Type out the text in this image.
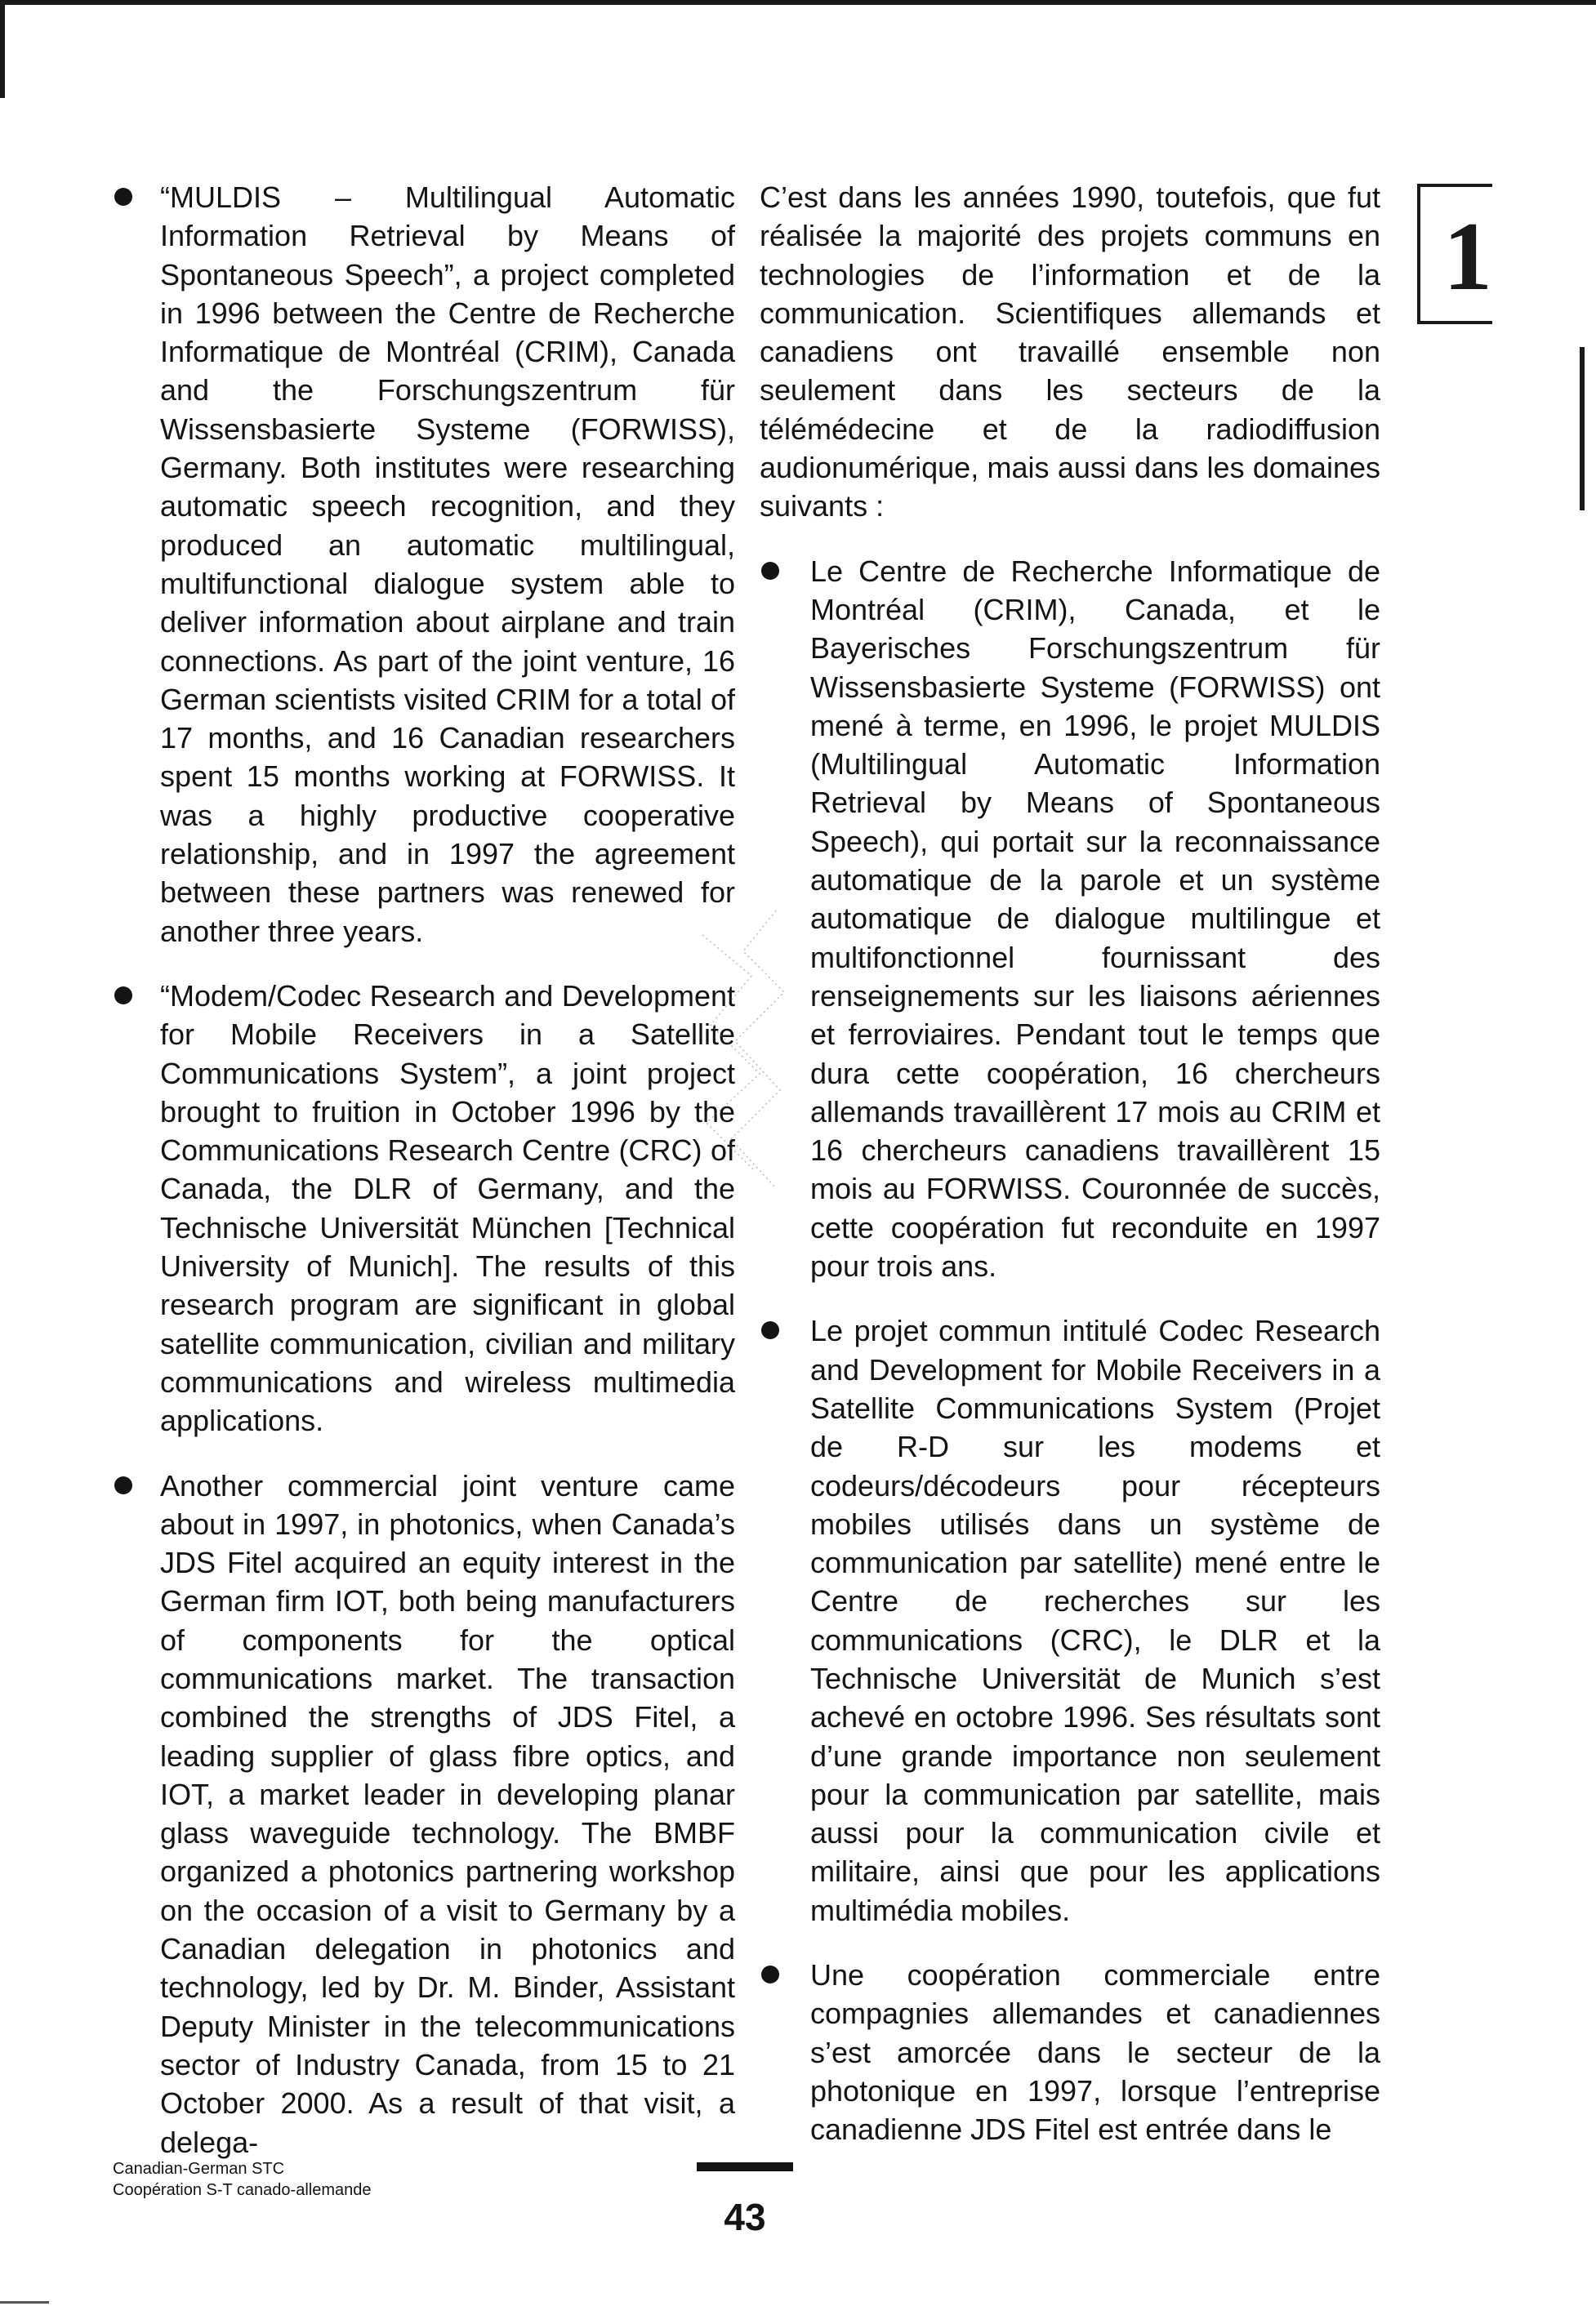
1
“MULDIS – Multilingual Automatic Information Retrieval by Means of Spontaneous Speech”, a project completed in 1996 between the Centre de Recherche Informatique de Montréal (CRIM), Canada and the Forschungszentrum für Wissensbasierte Systeme (FORWISS), Germany. Both institutes were researching automatic speech recognition, and they produced an automatic multilingual, multifunctional dialogue system able to deliver information about airplane and train connections. As part of the joint venture, 16 German scientists visited CRIM for a total of 17 months, and 16 Canadian researchers spent 15 months working at FORWISS. It was a highly productive cooperative relationship, and in 1997 the agreement between these partners was renewed for another three years.
“Modem/Codec Research and Development for Mobile Receivers in a Satellite Communications System”, a joint project brought to fruition in October 1996 by the Communications Research Centre (CRC) of Canada, the DLR of Germany, and the Technische Universität München [Technical University of Munich]. The results of this research program are significant in global satellite communication, civilian and military communications and wireless multimedia applications.
Another commercial joint venture came about in 1997, in photonics, when Canada’s JDS Fitel acquired an equity interest in the German firm IOT, both being manufacturers of components for the optical communications market. The transaction combined the strengths of JDS Fitel, a leading supplier of glass fibre optics, and IOT, a market leader in developing planar glass waveguide technology. The BMBF organized a photonics partnering workshop on the occasion of a visit to Germany by a Canadian delegation in photonics and technology, led by Dr. M. Binder, Assistant Deputy Minister in the telecommunications sector of Industry Canada, from 15 to 21 October 2000. As a result of that visit, a delega-
C’est dans les années 1990, toutefois, que fut réalisée la majorité des projets communs en technologies de l’information et de la communication. Scientifiques allemands et canadiens ont travaillé ensemble non seulement dans les secteurs de la télémédecine et de la radiodiffusion audionumérique, mais aussi dans les domaines suivants :
Le Centre de Recherche Informatique de Montréal (CRIM), Canada, et le Bayerisches Forschungszentrum für Wissensbasierte Systeme (FORWISS) ont mené à terme, en 1996, le projet MULDIS (Multilingual Automatic Information Retrieval by Means of Spontaneous Speech), qui portait sur la reconnaissance automatique de la parole et un système automatique de dialogue multilingue et multifonctionnel fournissant des renseignements sur les liaisons aériennes et ferroviaires. Pendant tout le temps que dura cette coopération, 16 chercheurs allemands travaillèrent 17 mois au CRIM et 16 chercheurs canadiens travaillèrent 15 mois au FORWISS. Couronnée de succès, cette coopération fut reconduite en 1997 pour trois ans.
Le projet commun intitulé Codec Research and Development for Mobile Receivers in a Satellite Communications System (Projet de R-D sur les modems et codeurs/décodeurs pour récepteurs mobiles utilisés dans un système de communication par satellite) mené entre le Centre de recherches sur les communications (CRC), le DLR et la Technische Universität de Munich s’est achevé en octobre 1996. Ses résultats sont d’une grande importance non seulement pour la communication par satellite, mais aussi pour la communication civile et militaire, ainsi que pour les applications multimédia mobiles.
Une coopération commerciale entre compagnies allemandes et canadiennes s’est amorcée dans le secteur de la photonique en 1997, lorsque l’entreprise canadienne JDS Fitel est entrée dans le
Canadian-German STC
Coopération S-T canado-allemande
43
